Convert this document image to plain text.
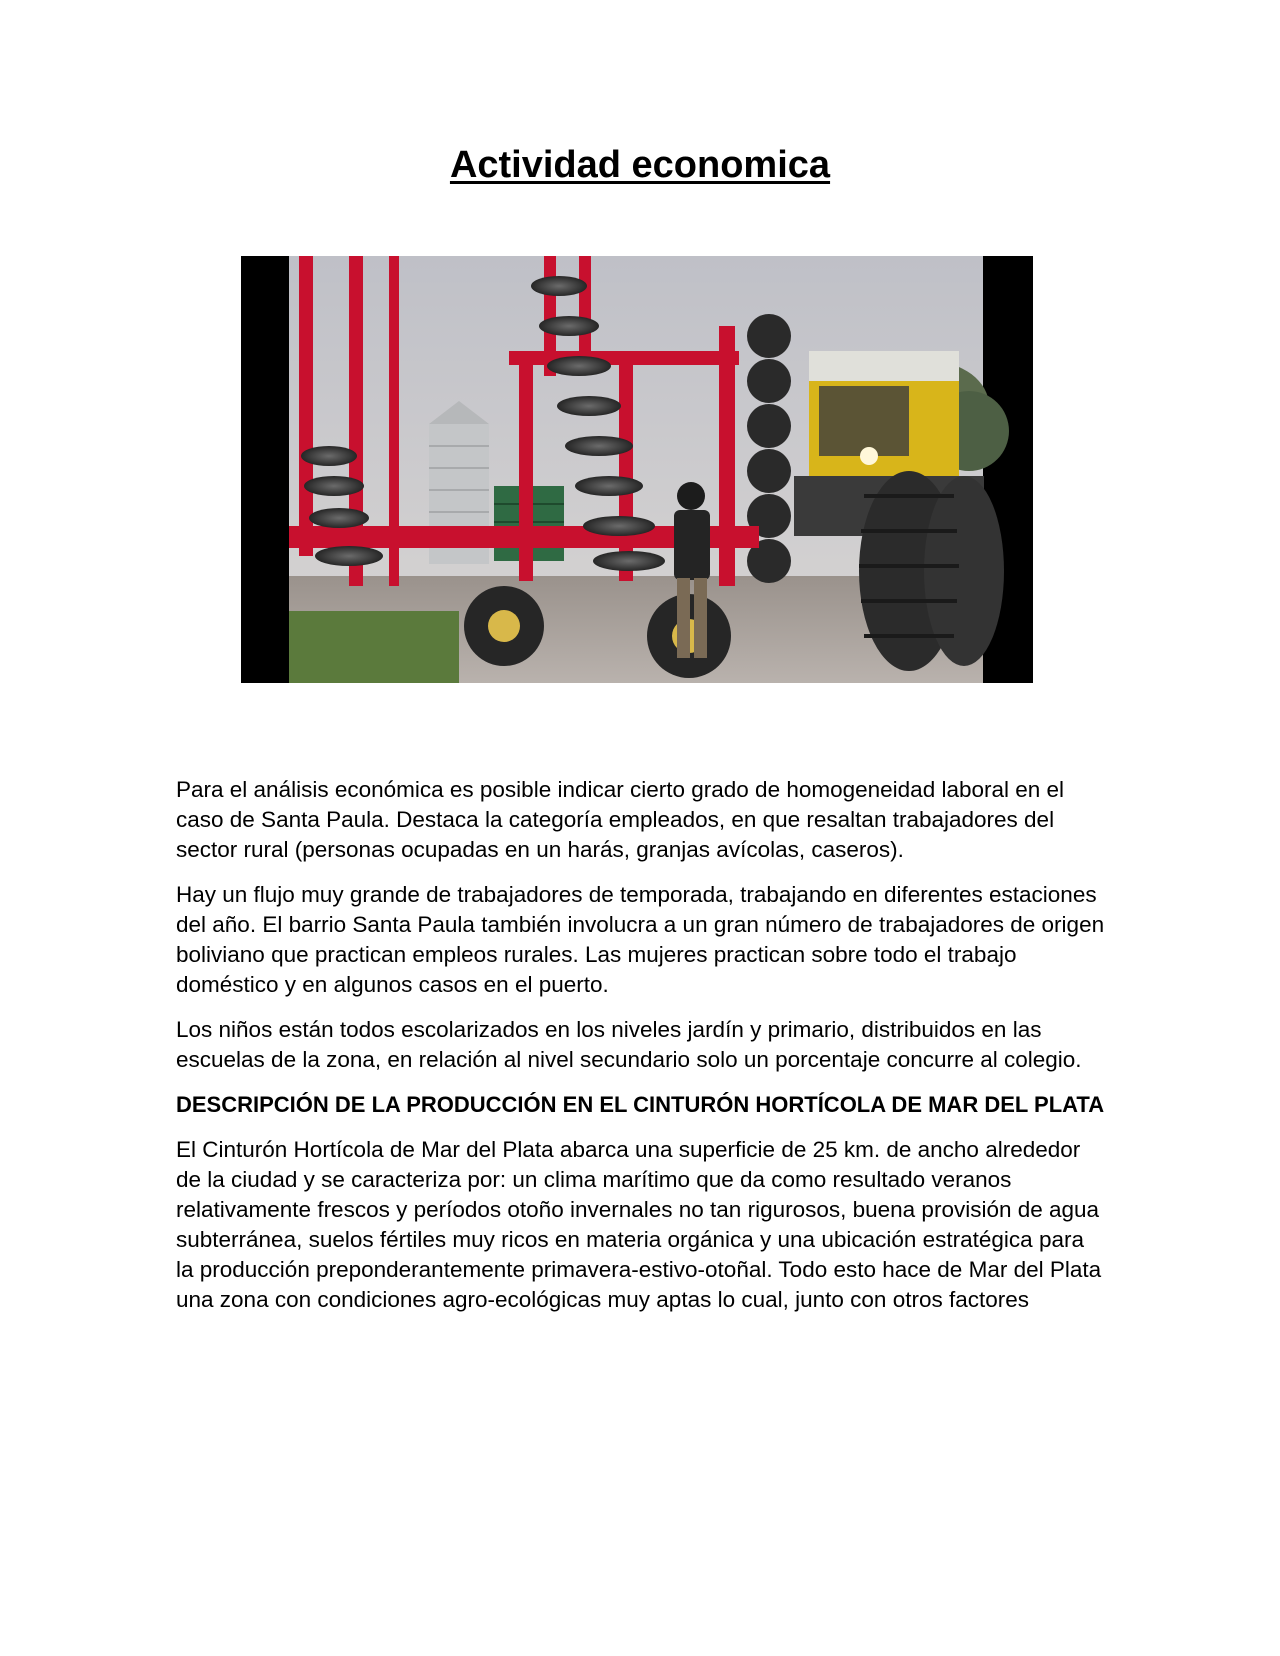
Actividad economica

Para el análisis económica es posible indicar cierto grado de homogeneidad laboral en el caso de Santa Paula. Destaca la categoría empleados, en que resaltan trabajadores del sector rural (personas ocupadas en un harás, granjas avícolas, caseros).

Hay un flujo muy grande de trabajadores de temporada, trabajando en diferentes estaciones del año. El barrio Santa Paula también involucra a un gran número de trabajadores de origen boliviano que practican empleos rurales. Las mujeres practican sobre todo el trabajo doméstico y en algunos casos en el puerto.

Los niños están todos escolarizados en los niveles jardín y primario, distribuidos en las escuelas de la zona, en relación al nivel secundario solo un porcentaje concurre al colegio.

DESCRIPCIÓN DE LA PRODUCCIÓN EN EL CINTURÓN HORTÍCOLA DE MAR DEL PLATA

El Cinturón Hortícola de Mar del Plata abarca una superficie de 25 km. de ancho alrededor de la ciudad y se caracteriza por: un clima marítimo que da como resultado veranos relativamente frescos y períodos otoño invernales no tan rigurosos, buena provisión de agua subterránea, suelos fértiles muy ricos en materia orgánica y una ubicación estratégica para la producción preponderantemente primavera-estivo-otoñal. Todo esto hace de Mar del Plata una zona con condiciones agro-ecológicas muy aptas lo cual, junto con otros factores
